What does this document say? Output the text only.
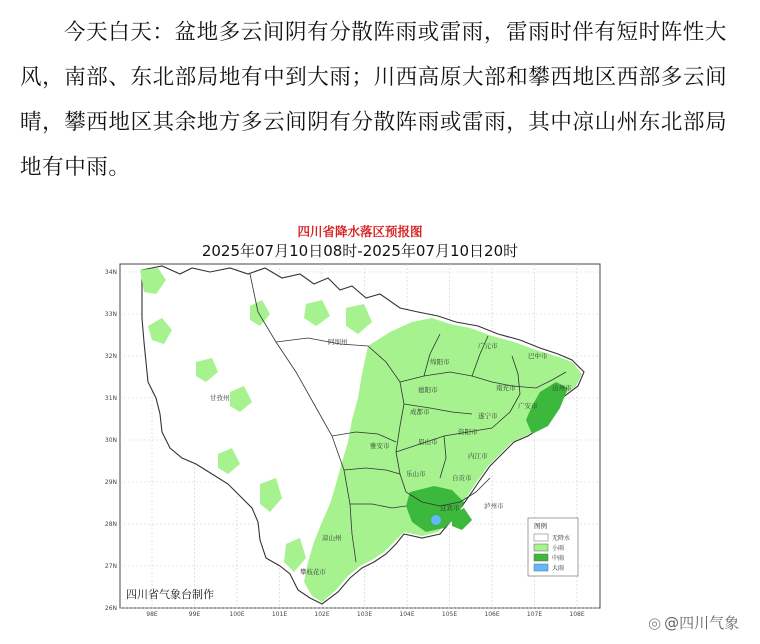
今天白天：盆地多云间阴有分散阵雨或雷雨，雷雨时伴有短时阵性大风，南部、东北部局地有中到大雨；川西高原大部和攀西地区西部多云间晴，攀西地区其余地方多云间阴有分散阵雨或雷雨，其中凉山州东北部局地有中雨。
四川省降水落区预报图
2025年07月10日08时-2025年07月10日20时
34N
33N
32N
31N
30N
29N
28N
27N
26N
98E	99E	100E	101E	102E	103E	104E	105E	106E	107E	108E
阿坝州
甘孜州
绵阳市
广元市
巴中市
达州市
南充市
德阳市
成都市	遂宁市
广安市
雅安市	眉山市
资阳市
内江市
乐山市	自贡市
宜宾市	泸州市
凉山州
攀枝花市
四川省气象台制作
图例
无降水
小雨
中雨
大雨
◎ @四川气象
